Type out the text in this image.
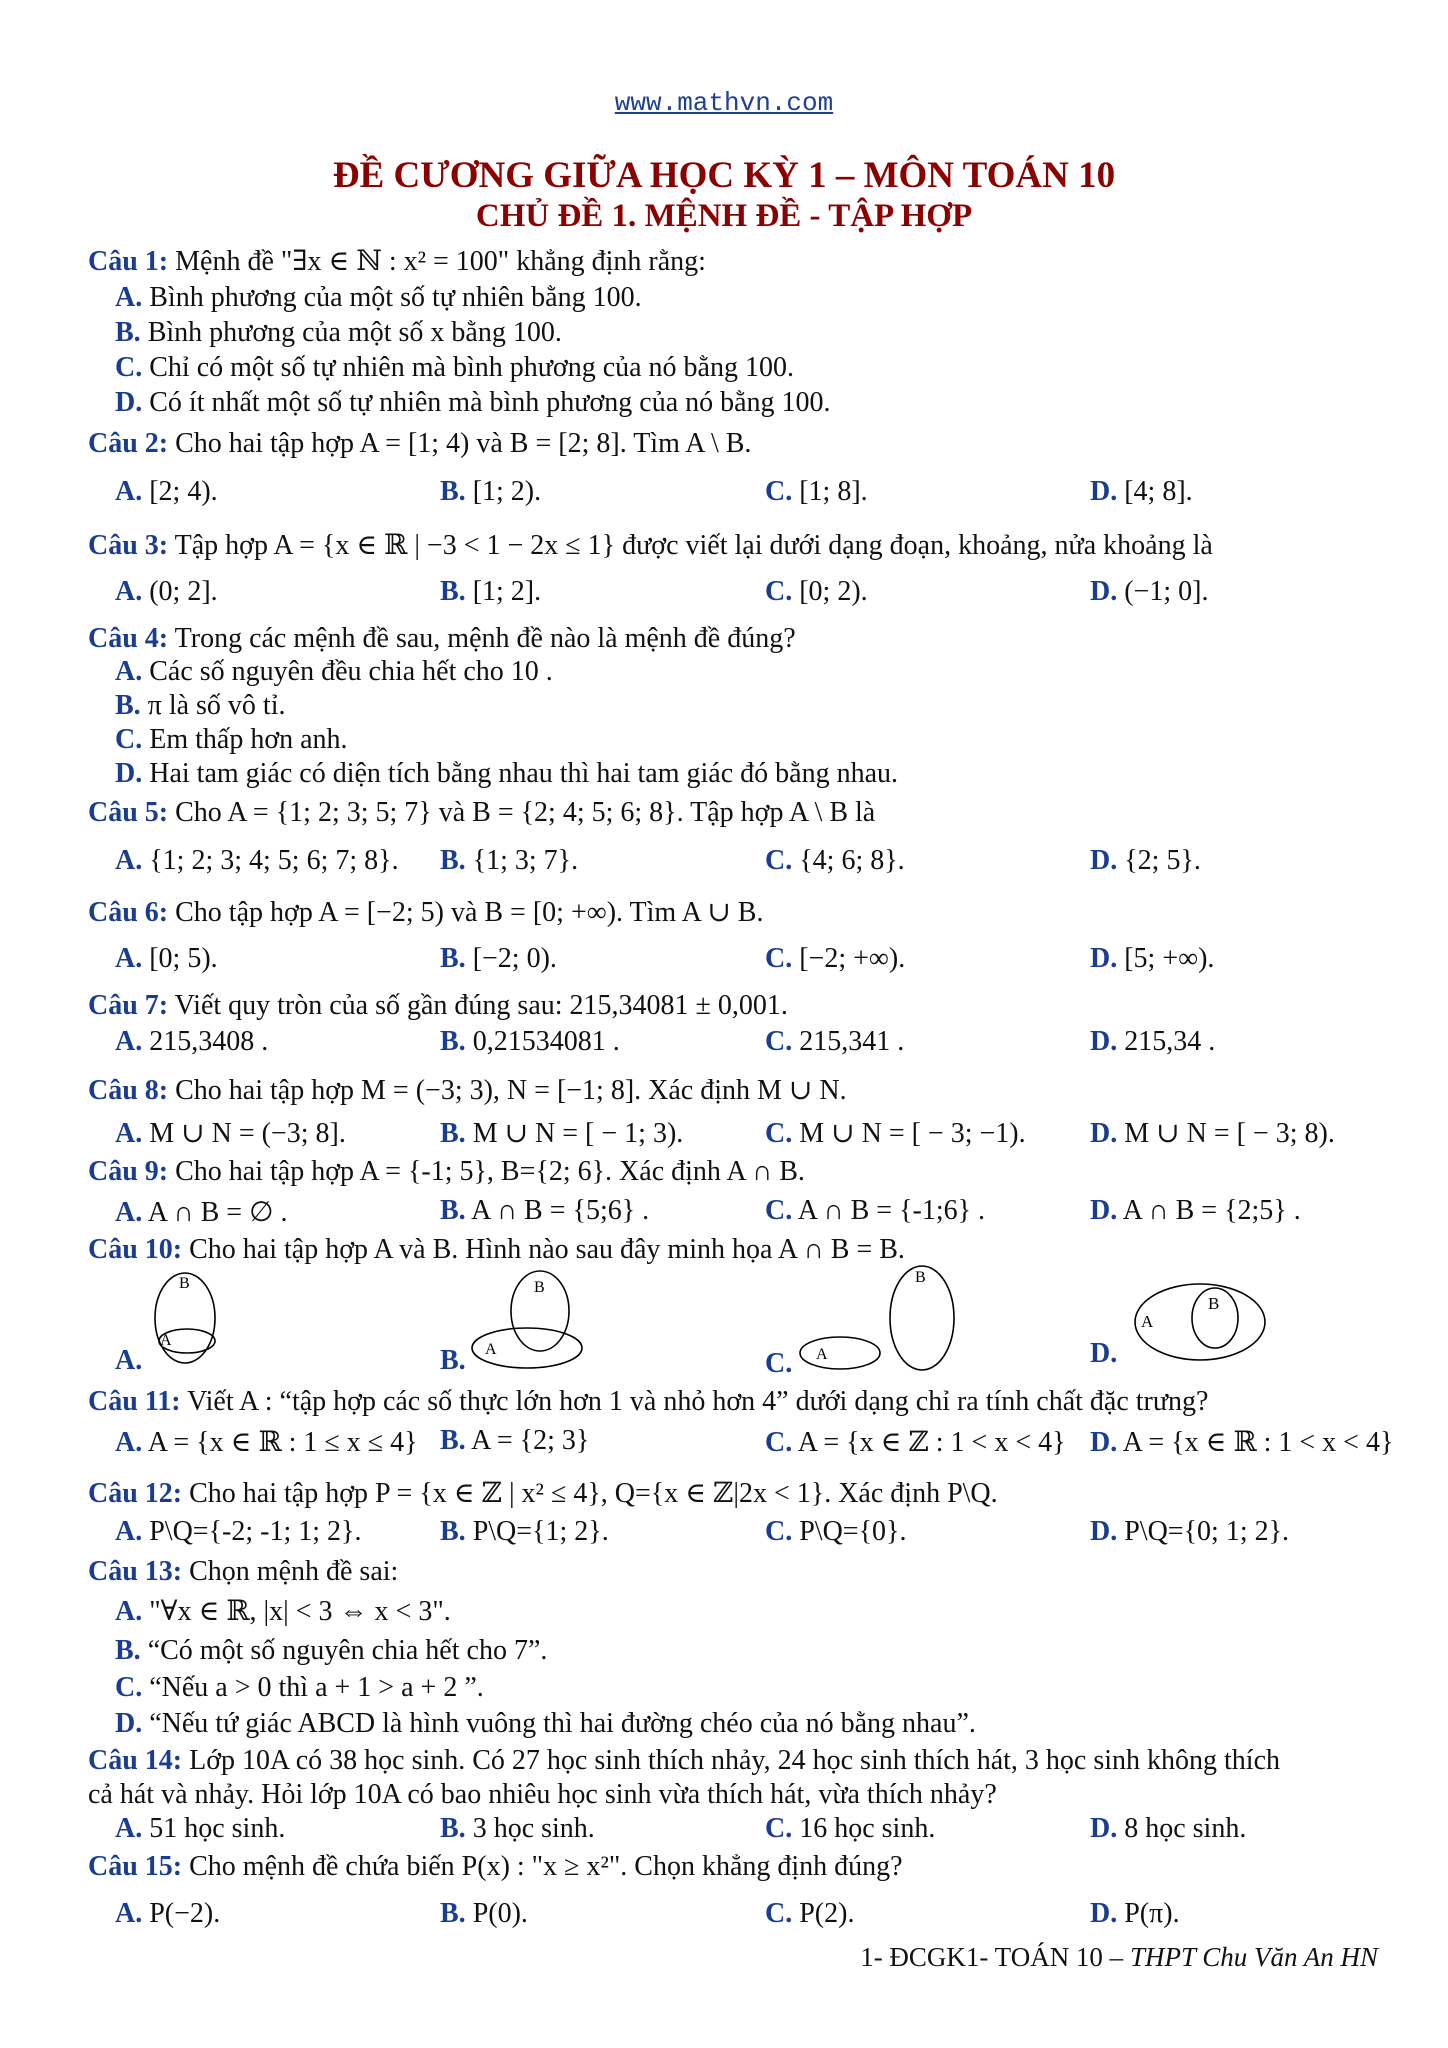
www.mathvn.com
ĐỀ CƯƠNG GIỮA HỌC KỲ 1 – MÔN TOÁN 10
CHỦ ĐỀ 1. MỆNH ĐỀ - TẬP HỢP
Câu 1: Mệnh đề "∃x ∈ ℕ : x² = 100" khẳng định rằng:
A. Bình phương của một số tự nhiên bằng 100.
B. Bình phương của một số x bằng 100.
C. Chỉ có một số tự nhiên mà bình phương của nó bằng 100.
D. Có ít nhất một số tự nhiên mà bình phương của nó bằng 100.
Câu 2: Cho hai tập hợp A = [1; 4) và B = [2; 8]. Tìm A \ B.
A. [2; 4).	B. [1; 2).	C. [1; 8].	D. [4; 8].
Câu 3: Tập hợp A = {x ∈ ℝ | −3 < 1 − 2x ≤ 1} được viết lại dưới dạng đoạn, khoảng, nửa khoảng là
A. (0; 2].	B. [1; 2].	C. [0; 2).	D. (−1; 0].
Câu 4: Trong các mệnh đề sau, mệnh đề nào là mệnh đề đúng?
A. Các số nguyên đều chia hết cho 10 .
B. π là số vô tỉ.
C. Em thấp hơn anh.
D. Hai tam giác có diện tích bằng nhau thì hai tam giác đó bằng nhau.
Câu 5: Cho A = {1; 2; 3; 5; 7} và B = {2; 4; 5; 6; 8}. Tập hợp A \ B là
A. {1; 2; 3; 4; 5; 6; 7; 8}. B. {1; 3; 7}.	C. {4; 6; 8}.	D. {2; 5}.
Câu 6: Cho tập hợp A = [−2; 5) và B = [0; +∞). Tìm A ∪ B.
A. [0; 5).	B. [−2; 0).	C. [−2; +∞).	D. [5; +∞).
Câu 7: Viết quy tròn của số gần đúng sau: 215,34081 ± 0,001.
A. 215,3408 .	B. 0,21534081 .	C. 215,341 .	D. 215,34 .
Câu 8: Cho hai tập hợp M = (−3; 3), N = [−1; 8]. Xác định M ∪ N.
A. M ∪ N = (−3; 8].	B. M ∪ N = [ − 1; 3).	C. M ∪ N = [ − 3; −1). D. M ∪ N = [ − 3; 8).
Câu 9: Cho hai tập hợp A = {-1; 5}, B={2; 6}. Xác định A ∩ B.
A. A ∩ B = ∅ .	B. A ∩ B = {5;6} .	C. A ∩ B = {-1;6} .	D. A ∩ B = {2;5} .
Câu 10: Cho hai tập hợp A và B. Hình nào sau đây minh họa A ∩ B = B.
A.
B
A
B.
B
A	C. A
B
D.
A
B
Câu 11: Viết A : “tập hợp các số thực lớn hơn 1 và nhỏ hơn 4” dưới dạng chỉ ra tính chất đặc trưng?
A. A = {x ∈ ℝ : 1 ≤ x ≤ 4} B. A = {2; 3}	C. A = {x ∈ ℤ : 1 < x < 4} D. A = {x ∈ ℝ : 1 < x < 4}
Câu 12: Cho hai tập hợp P = {x ∈ ℤ | x² ≤ 4}, Q={x ∈ ℤ|2x < 1}. Xác định P\Q.
A. P\Q={-2; -1; 1; 2}.	B. P\Q={1; 2}.	C. P\Q={0}.	D. P\Q={0; 1; 2}.
Câu 13: Chọn mệnh đề sai:
A. "∀x ∈ ℝ, |x| < 3 ⇔ x < 3".
B. “Có một số nguyên chia hết cho 7”.
C. “Nếu a > 0 thì a + 1 > a + 2 ”.
D. “Nếu tứ giác ABCD là hình vuông thì hai đường chéo của nó bằng nhau”.
Câu 14: Lớp 10A có 38 học sinh. Có 27 học sinh thích nhảy, 24 học sinh thích hát, 3 học sinh không thích
cả hát và nhảy. Hỏi lớp 10A có bao nhiêu học sinh vừa thích hát, vừa thích nhảy?
A. 51 học sinh.	B. 3 học sinh.	C. 16 học sinh.	D. 8 học sinh.
Câu 15: Cho mệnh đề chứa biến P(x) : "x ≥ x²". Chọn khẳng định đúng?
A. P(−2).	B. P(0).	C. P(2).	D. P(π).
1- ĐCGK1- TOÁN 10 – THPT Chu Văn An HN
